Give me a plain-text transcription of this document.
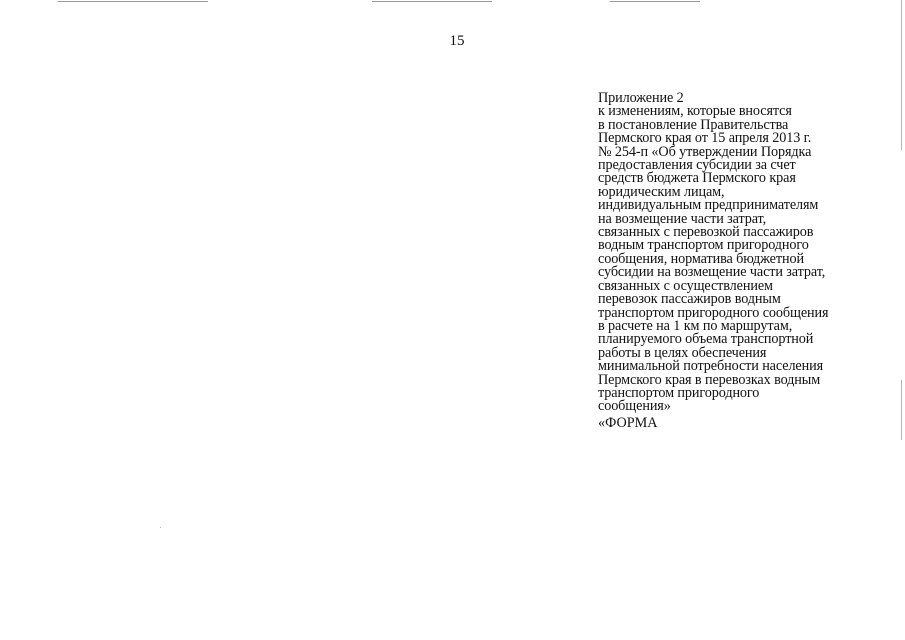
15
Приложение 2
к изменениям, которые вносятся
в постановление Правительства
Пермского края от 15 апреля 2013 г.
№ 254-п «Об утверждении Порядка
предоставления субсидии за счет
средств бюджета Пермского края
юридическим лицам,
индивидуальным предпринимателям
на возмещение части затрат,
связанных с перевозкой пассажиров
водным транспортом пригородного
сообщения, норматива бюджетной
субсидии на возмещение части затрат,
связанных с осуществлением
перевозок пассажиров водным
транспортом пригородного сообщения
в расчете на 1 км по маршрутам,
планируемого объема транспортной
работы в целях обеспечения
минимальной потребности населения
Пермского края в перевозках водным
транспортом пригородного
сообщения»
«ФОРМА
